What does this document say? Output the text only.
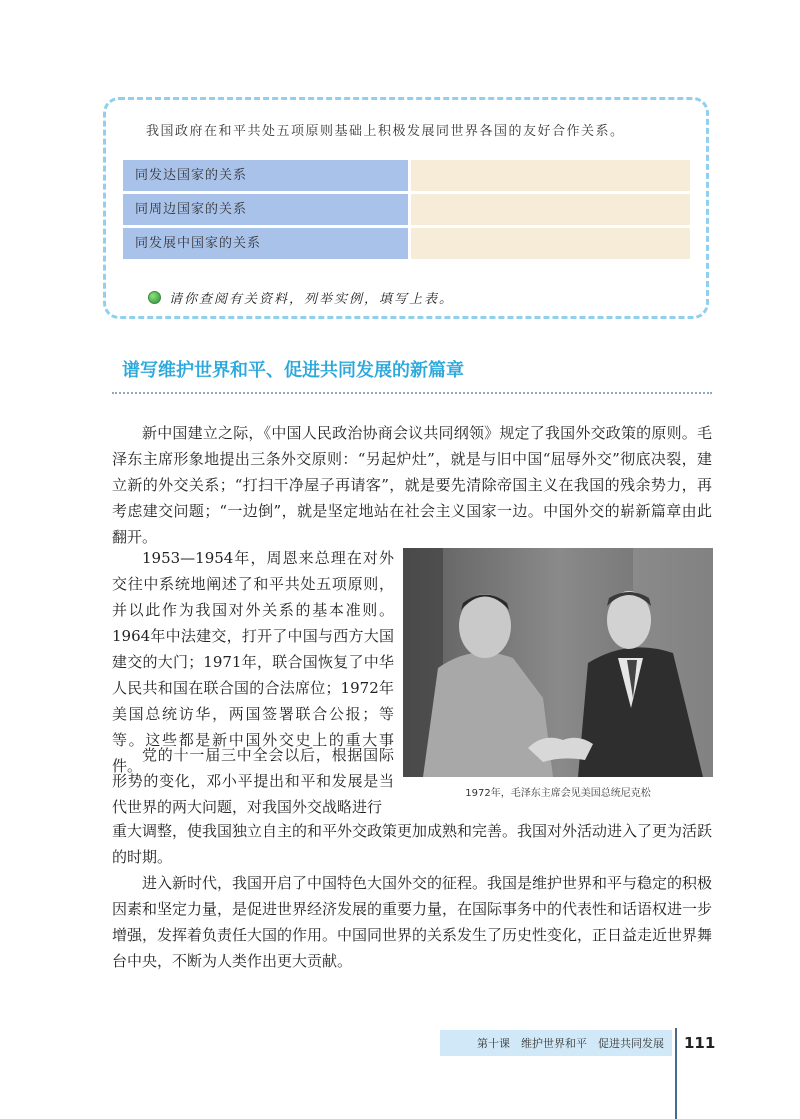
我国政府在和平共处五项原则基础上积极发展同世界各国的友好合作关系。
同发达国家的关系
同周边国家的关系
同发展中国家的关系
请你查阅有关资料，列举实例，填写上表。
谱写维护世界和平、促进共同发展的新篇章

新中国建立之际，《中国人民政治协商会议共同纲领》规定了我国外交政策的原则。毛泽东主席形象地提出三条外交原则：“另起炉灶”，就是与旧中国“屈辱外交”彻底决裂，建立新的外交关系；“打扫干净屋子再请客”，就是要先清除帝国主义在我国的残余势力，再考虑建交问题；“一边倒”，就是坚定地站在社会主义国家一边。中国外交的崭新篇章由此翻开。

1953—1954年，周恩来总理在对外交往中系统地阐述了和平共处五项原则，并以此作为我国对外关系的基本准则。1964年中法建交，打开了中国与西方大国建交的大门；1971年，联合国恢复了中华人民共和国在联合国的合法席位；1972年美国总统访华，两国签署联合公报；等等。这些都是新中国外交史上的重大事件。

党的十一届三中全会以后，根据国际形势的变化，邓小平提出和平和发展是当代世界的两大问题，对我国外交战略进行

重大调整，使我国独立自主的和平外交政策更加成熟和完善。我国对外活动进入了更为活跃的时期。

进入新时代，我国开启了中国特色大国外交的征程。我国是维护世界和平与稳定的积极因素和坚定力量，是促进世界经济发展的重要力量，在国际事务中的代表性和话语权进一步增强，发挥着负责任大国的作用。中国同世界的关系发生了历史性变化，正日益走近世界舞台中央，不断为人类作出更大贡献。

1972年，毛泽东主席会见美国总统尼克松
第十课　维护世界和平　促进共同发展	111
